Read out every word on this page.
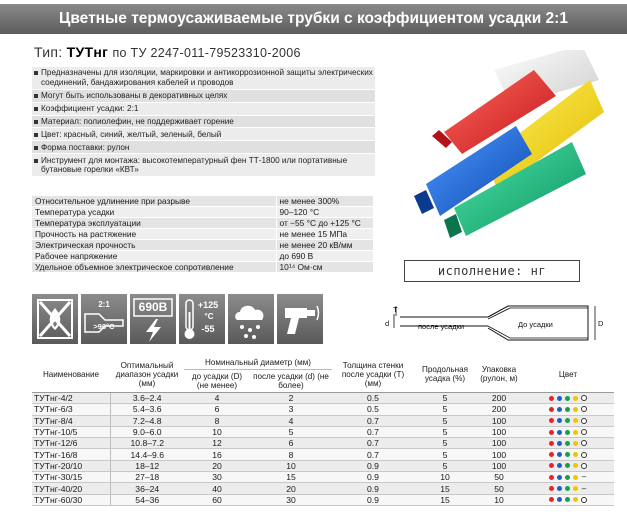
Цветные термоусаживаемые трубки с коэффициентом усадки 2:1
Тип: ТУТнг по ТУ 2247-011-79523310-2006
Предназначены для изоляции, маркировки и антикоррозионной защиты электрических соединений, бандажирования кабелей и проводов
Могут быть использованы в декоративных целях
Коэффициент усадки: 2:1
Материал: полиолефин, не поддерживает горение
Цвет: красный, синий, желтый, зеленый, белый
Форма поставки: рулон
Инструмент для монтажа: высокотемпературный фен ТТ-1800 или портативные бутановые горелки «КВТ»
Относительное удлинение при разрыве	не менее 300%
Температура усадки	90–120 °С
Температура эксплуатации	от −55 °С до +125 °С
Прочность на растяжение	не менее 15 МПа
Электрическая прочность	не менее 20 кВ/мм
Рабочее напряжение	до 690 В
Удельное объемное электрическое сопротивление	10¹⁴ Ом·см	исполнение: нг
2:1
>90°C
690В	+125
°C
-55
T
d	D
после усадки	До усадки
Наименование	Оптимальный диапазон усадки (мм)	Номинальный диаметр (мм)		Толщина стенки после усадки (T) (мм)	Продольная усадка (%)	Упаковка (рулон, м)	Цвет
		до усадки (D) (не менее)	после усадки (d) (не более)				
ТУТнг-4/2	3.6–2.4	4	2	0.5	5	200	

ТУТнг-6/3	5.4–3.6	6	3	0.5	5	200	

ТУТнг-8/4	7.2–4.8	8	4	0.7	5	100	

ТУТнг-10/5	9.0–6.0	10	5	0.7	5	100	

ТУТнг-12/6	10.8–7.2	12	6	0.7	5	100	

ТУТнг-16/8	14.4–9.6	16	8	0.7	5	100	

ТУТнг-20/10	18–12	20	10	0.9	5	100	

ТУТнг-30/15	27–18	30	15	0.9	10	50	–

ТУТнг-40/20	36–24	40	20	0.9	15	50	–

ТУТнг-60/30	54–36	60	30	0.9	15	10	
